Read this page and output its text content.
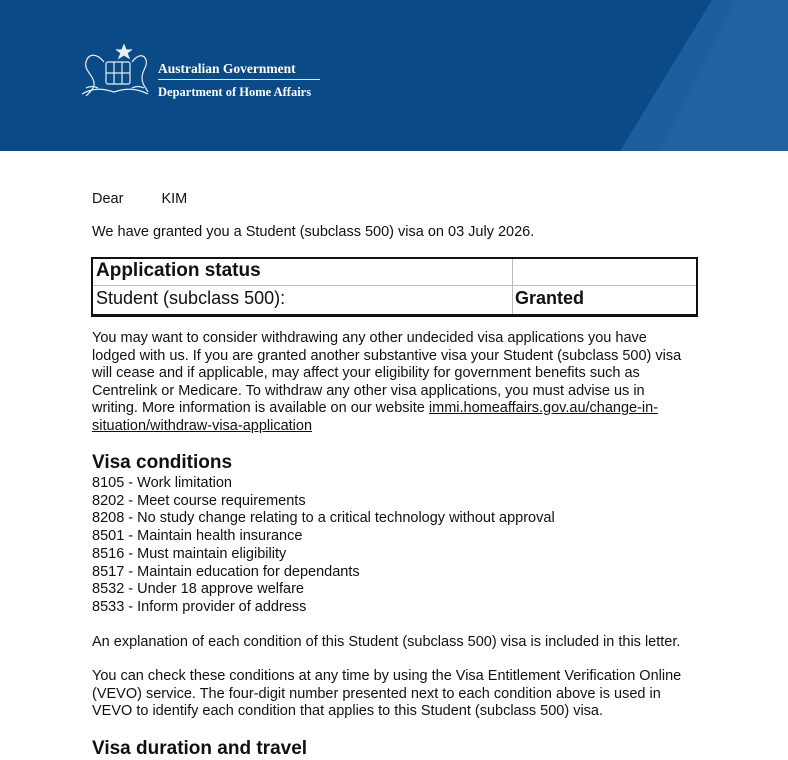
Australian Government
Department of Home Affairs
Dear	KIM
We have granted you a Student (subclass 500) visa on 03 July 2026.
Application status
Student (subclass 500):	Granted
You may want to consider withdrawing any other undecided visa applications you have lodged with us. If you are granted another substantive visa your Student (subclass 500) visa will cease and if applicable, may affect your eligibility for government benefits such as Centrelink or Medicare. To withdraw any other visa applications, you must advise us in writing. More information is available on our website immi.homeaffairs.gov.au/change-in-situation/withdraw-visa-application
Visa conditions
8105 - Work limitation
8202 - Meet course requirements
8208 - No study change relating to a critical technology without approval
8501 - Maintain health insurance
8516 - Must maintain eligibility
8517 - Maintain education for dependants
8532 - Under 18 approve welfare
8533 - Inform provider of address
An explanation of each condition of this Student (subclass 500) visa is included in this letter.
You can check these conditions at any time by using the Visa Entitlement Verification Online (VEVO) service. The four-digit number presented next to each condition above is used in VEVO to identify each condition that applies to this Student (subclass 500) visa.
Visa duration and travel
